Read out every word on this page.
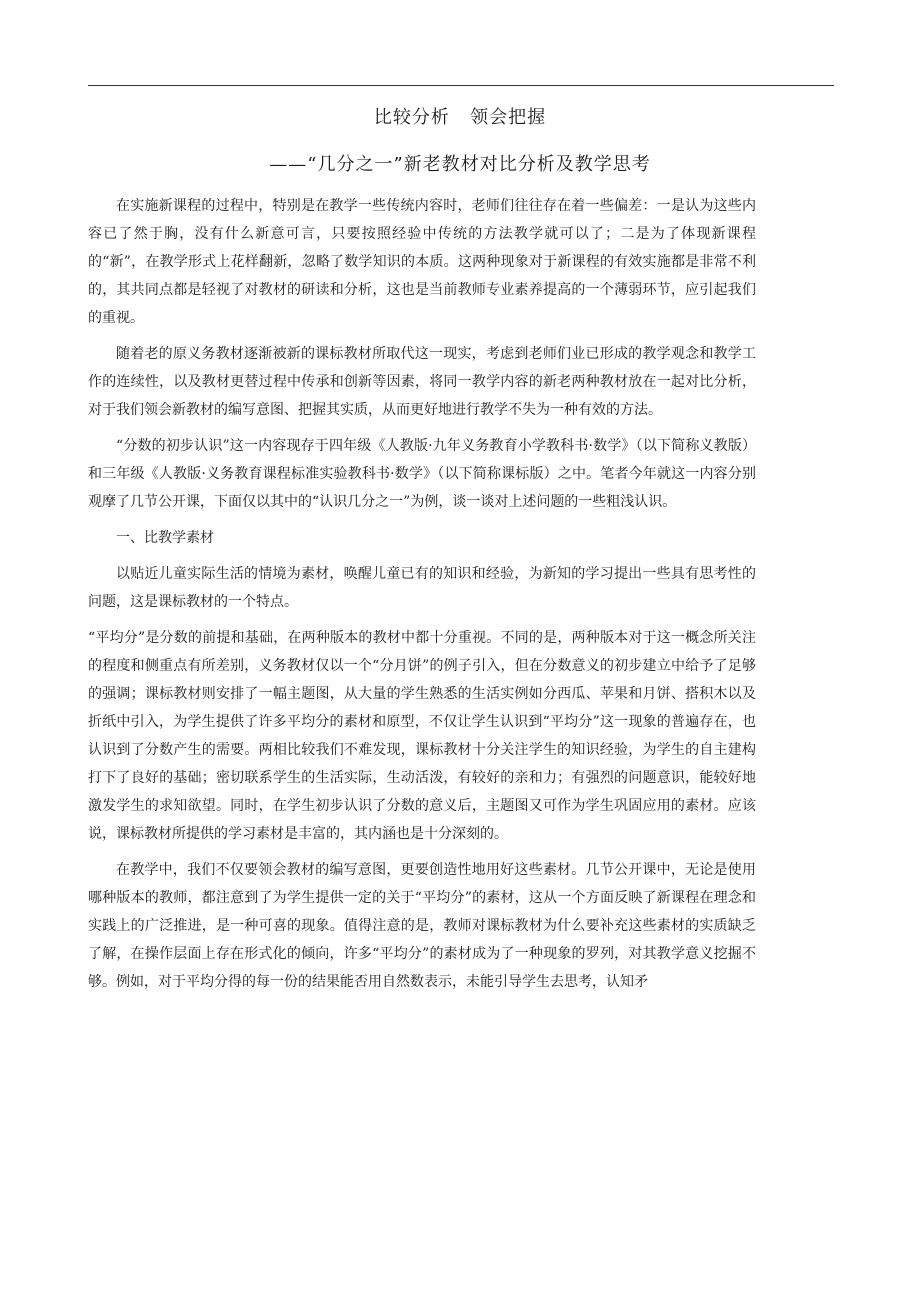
比较分析   领会把握
——“几分之一”新老教材对比分析及教学思考

在实施新课程的过程中，特别是在教学一些传统内容时，老师们往往存在着一些偏差：一是认为这些内容已了然于胸，没有什么新意可言，只要按照经验中传统的方法教学就可以了；二是为了体现新课程的“新”，在教学形式上花样翻新，忽略了数学知识的本质。这两种现象对于新课程的有效实施都是非常不利的，其共同点都是轻视了对教材的研读和分析，这也是当前教师专业素养提高的一个薄弱环节，应引起我们的重视。

随着老的原义务教材逐渐被新的课标教材所取代这一现实，考虑到老师们业已形成的教学观念和教学工作的连续性，以及教材更替过程中传承和创新等因素，将同一教学内容的新老两种教材放在一起对比分析，对于我们领会新教材的编写意图、把握其实质，从而更好地进行教学不失为一种有效的方法。

“分数的初步认识”这一内容现存于四年级《人教版·九年义务教育小学教科书·数学》（以下简称义教版）和三年级《人教版·义务教育课程标准实验教科书·数学》（以下简称课标版）之中。笔者今年就这一内容分别观摩了几节公开课，下面仅以其中的“认识几分之一”为例，谈一谈对上述问题的一些粗浅认识。

一、比教学素材

以贴近儿童实际生活的情境为素材，唤醒儿童已有的知识和经验，为新知的学习提出一些具有思考性的问题，这是课标教材的一个特点。

“平均分”是分数的前提和基础，在两种版本的教材中都十分重视。不同的是，两种版本对于这一概念所关注的程度和侧重点有所差别，义务教材仅以一个“分月饼”的例子引入，但在分数意义的初步建立中给予了足够的强调；课标教材则安排了一幅主题图，从大量的学生熟悉的生活实例如分西瓜、苹果和月饼、搭积木以及折纸中引入，为学生提供了许多平均分的素材和原型，不仅让学生认识到“平均分”这一现象的普遍存在，也认识到了分数产生的需要。两相比较我们不难发现，课标教材十分关注学生的知识经验，为学生的自主建构打下了良好的基础；密切联系学生的生活实际，生动活泼，有较好的亲和力；有强烈的问题意识，能较好地激发学生的求知欲望。同时，在学生初步认识了分数的意义后，主题图又可作为学生巩固应用的素材。应该说，课标教材所提供的学习素材是丰富的，其内涵也是十分深刻的。

在教学中，我们不仅要领会教材的编写意图，更要创造性地用好这些素材。几节公开课中，无论是使用哪种版本的教师，都注意到了为学生提供一定的关于“平均分”的素材，这从一个方面反映了新课程在理念和实践上的广泛推进，是一种可喜的现象。值得注意的是，教师对课标教材为什么要补充这些素材的实质缺乏了解，在操作层面上存在形式化的倾向，许多“平均分”的素材成为了一种现象的罗列，对其教学意义挖掘不够。例如，对于平均分得的每一份的结果能否用自然数表示，未能引导学生去思考，认知矛
